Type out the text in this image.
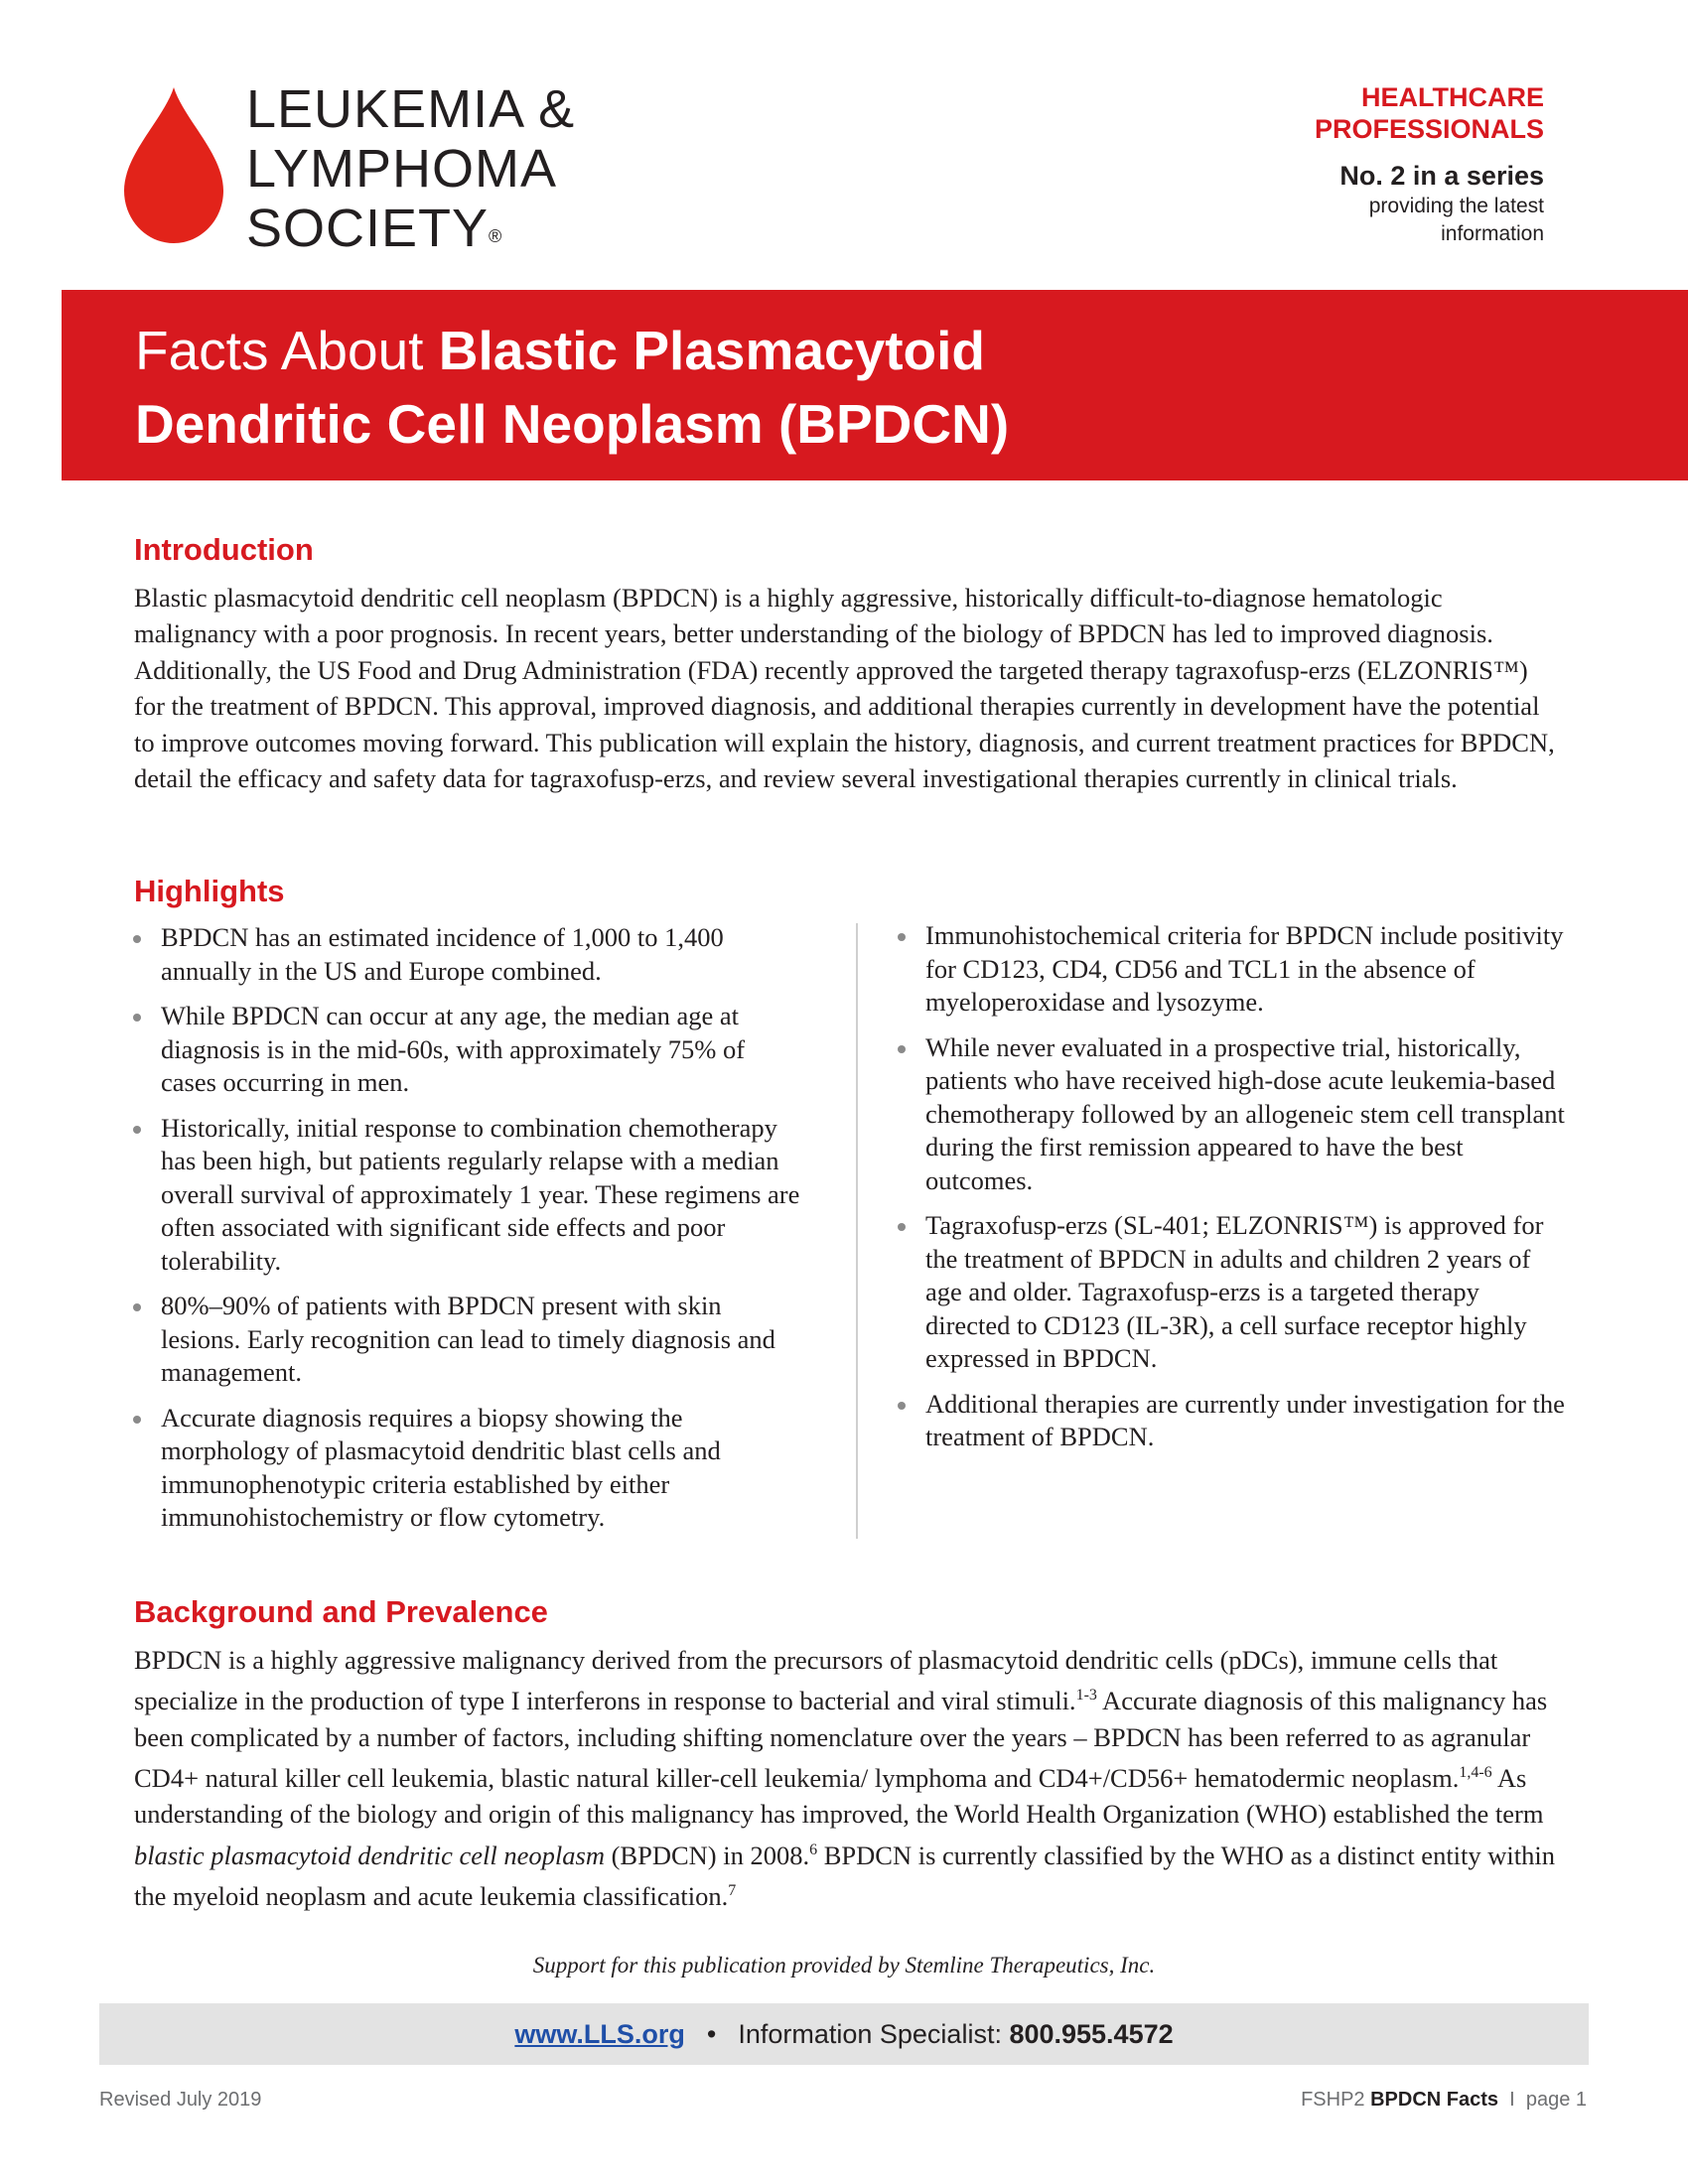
LEUKEMIA &
LYMPHOMA
SOCIETY®
HEALTHCARE PROFESSIONALS
No. 2 in a series
providing the latest
information
Facts About Blastic Plasmacytoid
Dendritic Cell Neoplasm (BPDCN)
Introduction

Blastic plasmacytoid dendritic cell neoplasm (BPDCN) is a highly aggressive, historically difficult-to-diagnose hematologic malignancy with a poor prognosis. In recent years, better understanding of the biology of BPDCN has led to improved diagnosis. Additionally, the US Food and Drug Administration (FDA) recently approved the targeted therapy tagraxofusp-erzs (ELZONRIS™) for the treatment of BPDCN. This approval, improved diagnosis, and additional therapies currently in development have the potential to improve outcomes moving forward. This publication will explain the history, diagnosis, and current treatment practices for BPDCN, detail the efficacy and safety data for tagraxofusp-erzs, and review several investigational therapies currently in clinical trials.

Highlights
BPDCN has an estimated incidence of 1,000 to 1,400 annually in the US and Europe combined.
While BPDCN can occur at any age, the median age at diagnosis is in the mid-60s, with approximately 75% of cases occurring in men.
Historically, initial response to combination chemotherapy has been high, but patients regularly relapse with a median overall survival of approximately 1 year. These regimens are often associated with significant side effects and poor tolerability.
80%–90% of patients with BPDCN present with skin lesions. Early recognition can lead to timely diagnosis and management.
Accurate diagnosis requires a biopsy showing the morphology of plasmacytoid dendritic blast cells and immunophenotypic criteria established by either immunohistochemistry or flow cytometry.
Immunohistochemical criteria for BPDCN include positivity for CD123, CD4, CD56 and TCL1 in the absence of myeloperoxidase and lysozyme.
While never evaluated in a prospective trial, historically, patients who have received high-dose acute leukemia-based chemotherapy followed by an allogeneic stem cell transplant during the first remission appeared to have the best outcomes.
Tagraxofusp-erzs (SL-401; ELZONRIS™) is approved for the treatment of BPDCN in adults and children 2 years of age and older. Tagraxofusp-erzs is a targeted therapy directed to CD123 (IL-3R), a cell surface receptor highly expressed in BPDCN.
Additional therapies are currently under investigation for the treatment of BPDCN.
Background and Prevalence

BPDCN is a highly aggressive malignancy derived from the precursors of plasmacytoid dendritic cells (pDCs), immune cells that specialize in the production of type I interferons in response to bacterial and viral stimuli.$^{1-3}$ Accurate diagnosis of this malignancy has been complicated by a number of factors, including shifting nomenclature over the years – BPDCN has been referred to as agranular CD4+ natural killer cell leukemia, blastic natural killer-cell leukemia/ lymphoma and CD4+/CD56+ hematodermic neoplasm.$^{1,4-6}$ As understanding of the biology and origin of this malignancy has improved, the World Health Organization (WHO) established the term blastic plasmacytoid dendritic cell neoplasm (BPDCN) in 2008.$^6$ BPDCN is currently classified by the WHO as a distinct entity within the myeloid neoplasm and acute leukemia classification.$^7$

Support for this publication provided by Stemline Therapeutics, Inc.
www.LLS.org • Information Specialist: 800.955.4572
Revised July 2019	FSHP2 BPDCN Facts  I  page 1
